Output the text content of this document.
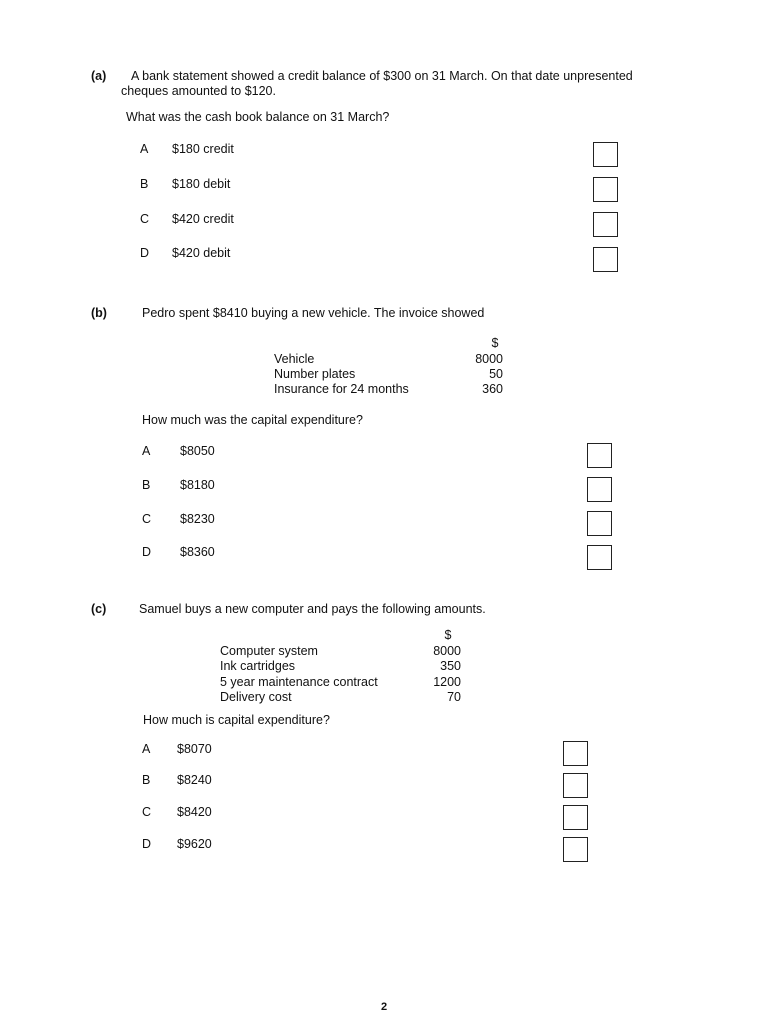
(a) A bank statement showed a credit balance of $300 on 31 March. On that date unpresented
cheques amounted to $120.
What was the cash book balance on 31 March?
A $180 credit
B $180 debit
C $420 credit
D $420 debit
(b)	Pedro spent $8410 buying a new vehicle. The invoice showed
$
Vehicle	8000
Number plates	50
Insurance for 24 months	360
How much was the capital expenditure?
A $8050
B $8180
C $8230
D $8360
(c)	Samuel buys a new computer and pays the following amounts.
$
Computer system	8000
Ink cartridges	350
5 year maintenance contract	1200
Delivery cost	70
How much is capital expenditure?
A $8070
B $8240
C $8420
D $9620
2
